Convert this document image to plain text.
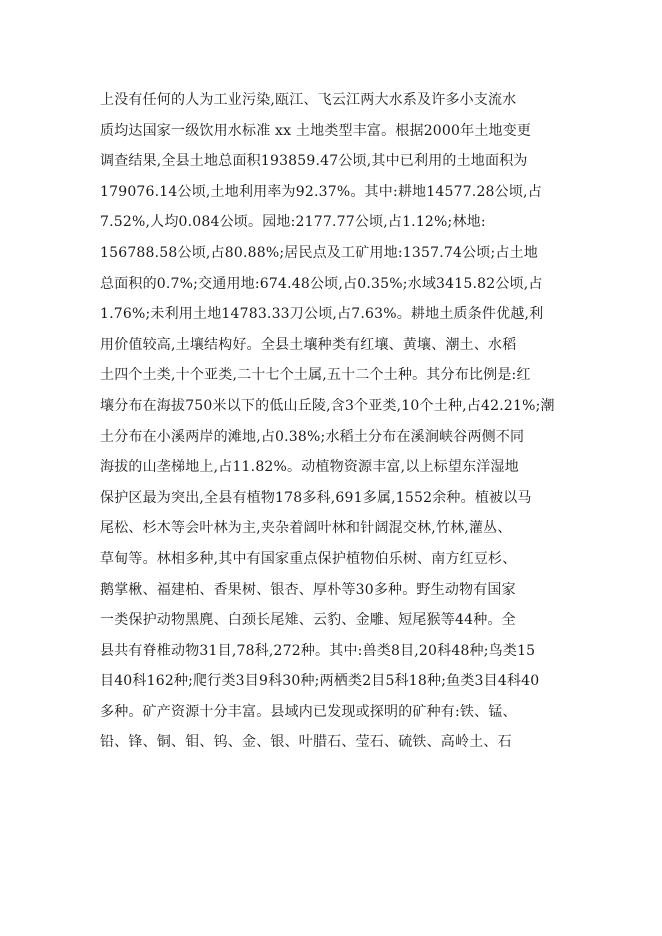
上没有任何的人为工业污染,瓯江、飞云江两大水系及许多小支流水
质均达国家一级饮用水标准 xx 土地类型丰富。根据2000年土地变更
调查结果,全县土地总面积193859.47公顷,其中已利用的土地面积为
179076.14公顷,土地利用率为92.37%。其中:耕地14577.28公顷,占
7.52%,人均0.084公顷。园地:2177.77公顷,占1.12%;林地:
156788.58公顷,占80.88%;居民点及工矿用地:1357.74公顷;占土地
总面积的0.7%;交通用地:674.48公顷,占0.35%;水域3415.82公顷,占
1.76%;未利用土地14783.33刀公顷,占7.63%。耕地土质条件优越,利
用价值较高,土壤结构好。全县土壤种类有红壤、黄壤、潮土、水稻
土四个土类,十个亚类,二十七个土属,五十二个土种。其分布比例是:红
壤分布在海拔750米以下的低山丘陵,含3个亚类,10个土种,占42.21%;潮
土分布在小溪两岸的滩地,占0.38%;水稻土分布在溪涧峡谷两侧不同
海拔的山垄梯地上,占11.82%。动植物资源丰富,以上标望东洋湿地
保护区最为突出,全县有植物178多科,691多属,1552余种。植被以马
尾松、杉木等会叶林为主,夹杂着阔叶林和针阔混交林,竹林,灌丛、
草甸等。林相多种,其中有国家重点保护植物伯乐树、南方红豆杉、
鹅掌楸、福建柏、香果树、银杏、厚朴等30多种。野生动物有国家
一类保护动物黑麂、白颈长尾雉、云豹、金雕、短尾猴等44种。全
县共有脊椎动物31目,78科,272种。其中:兽类8目,20科48种;鸟类15
目40科162种;爬行类3目9科30种;两栖类2目5科18种;鱼类3目4科40
多种。矿产资源十分丰富。县域内已发现或探明的矿种有:铁、锰、
铅、锋、铜、钼、钨、金、银、叶腊石、莹石、硫铁、高岭土、石
